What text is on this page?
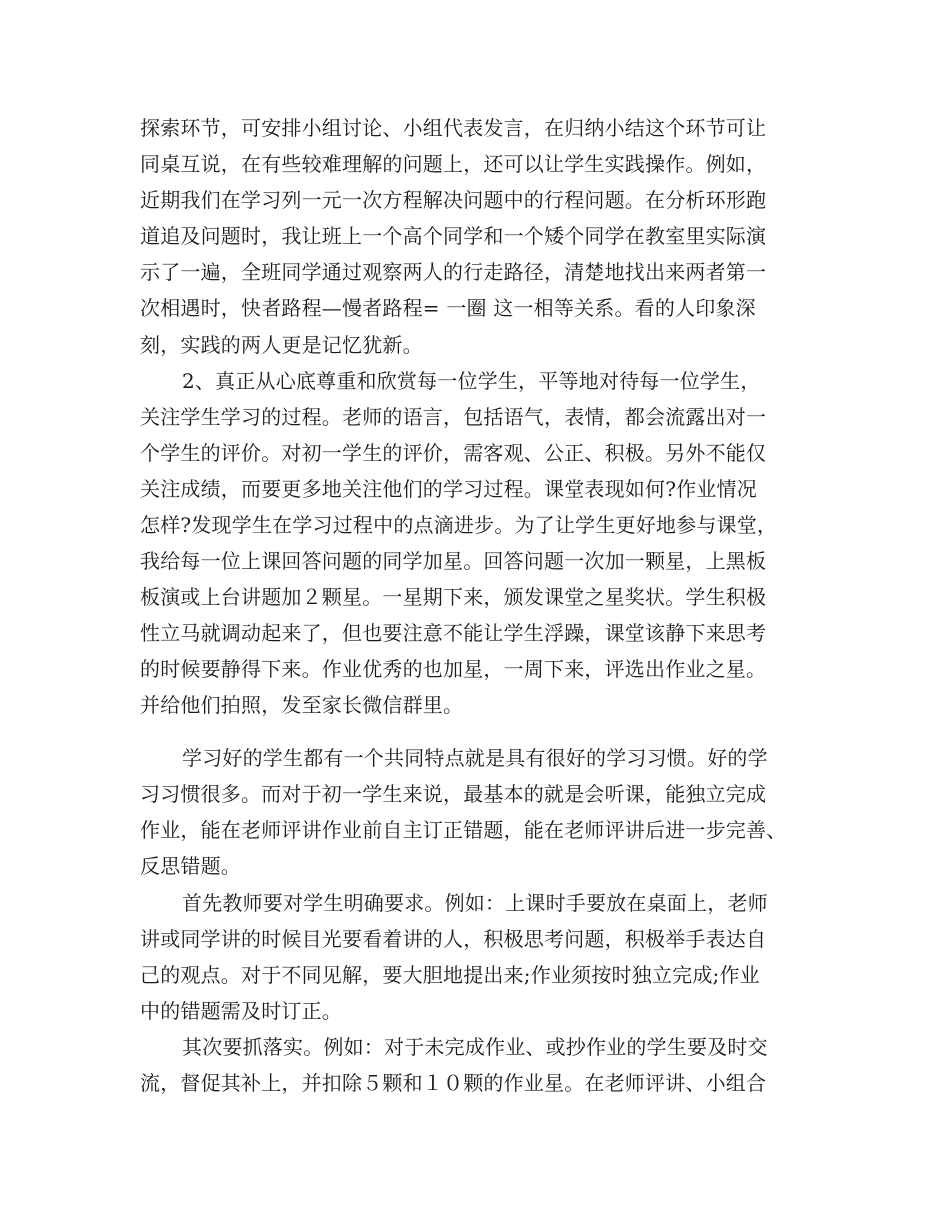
探索环节，可安排小组讨论、小组代表发言，在归纳小结这个环节可让
同桌互说，在有些较难理解的问题上，还可以让学生实践操作。例如，
近期我们在学习列一元一次方程解决问题中的行程问题。在分析环形跑
道追及问题时，我让班上一个高个同学和一个矮个同学在教室里实际演
示了一遍，全班同学通过观察两人的行走路径，清楚地找出来两者第一
次相遇时，快者路程—慢者路程= 一圈 这一相等关系。看的人印象深
刻，实践的两人更是记忆犹新。
2、真正从心底尊重和欣赏每一位学生，平等地对待每一位学生，
关注学生学习的过程。老师的语言，包括语气，表情，都会流露出对一
个学生的评价。对初一学生的评价，需客观、公正、积极。另外不能仅
关注成绩，而要更多地关注他们的学习过程。课堂表现如何?作业情况
怎样?发现学生在学习过程中的点滴进步。为了让学生更好地参与课堂，
我给每一位上课回答问题的同学加星。回答问题一次加一颗星，上黑板
板演或上台讲题加２颗星。一星期下来，颁发课堂之星奖状。学生积极
性立马就调动起来了，但也要注意不能让学生浮躁，课堂该静下来思考
的时候要静得下来。作业优秀的也加星，一周下来，评选出作业之星。
并给他们拍照，发至家长微信群里。
学习好的学生都有一个共同特点就是具有很好的学习习惯。好的学
习习惯很多。而对于初一学生来说，最基本的就是会听课，能独立完成
作业，能在老师评讲作业前自主订正错题，能在老师评讲后进一步完善、
反思错题。
首先教师要对学生明确要求。例如：上课时手要放在桌面上，老师
讲或同学讲的时候目光要看着讲的人，积极思考问题，积极举手表达自
己的观点。对于不同见解，要大胆地提出来;作业须按时独立完成;作业
中的错题需及时订正。
其次要抓落实。例如：对于未完成作业、或抄作业的学生要及时交
流，督促其补上，并扣除５颗和１０颗的作业星。在老师评讲、小组合
